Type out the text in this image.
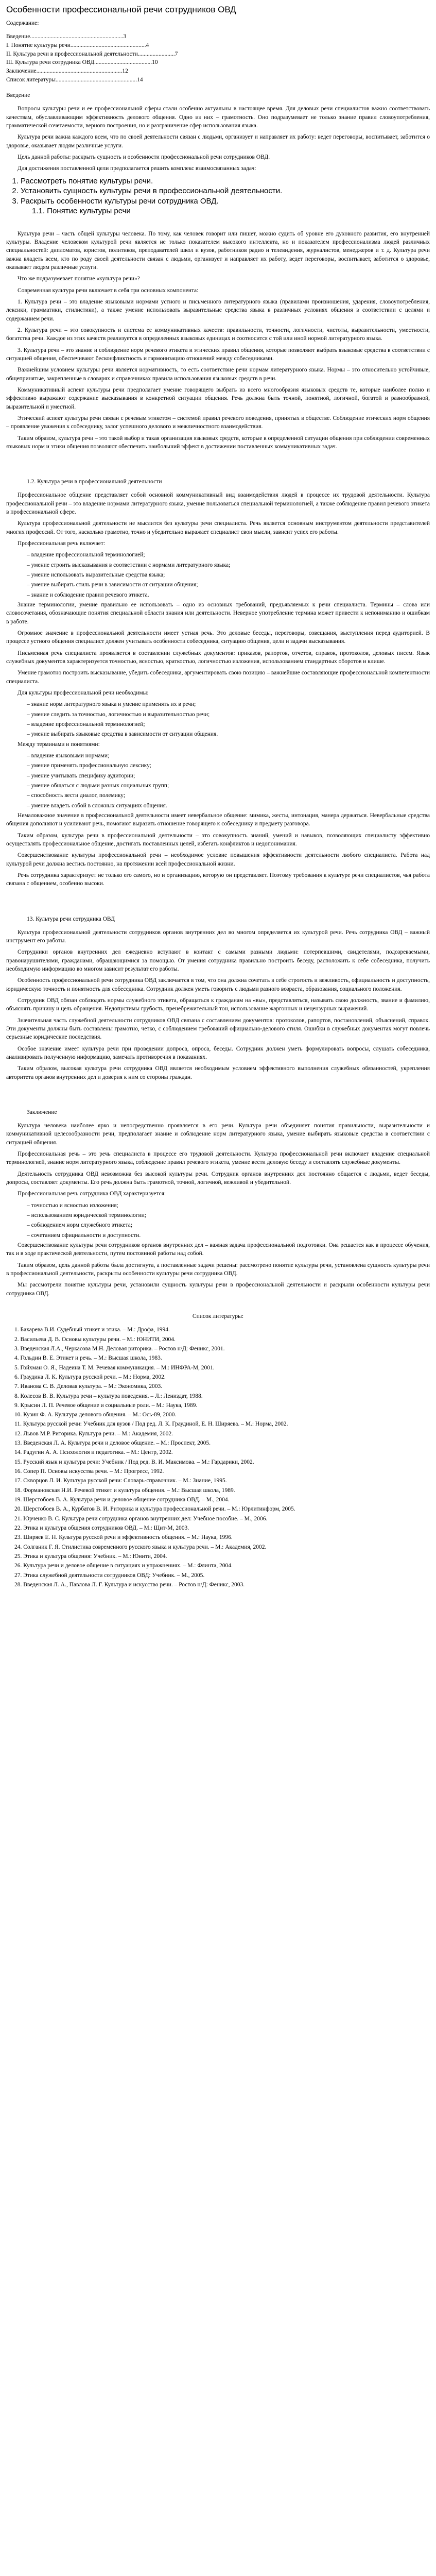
Особенности профессиональной речи сотрудников ОВД

Содержание:

Введение...............................................................3

I. Понятие культуры речи...................................................4

II. Культура речи в профессиональной деятельности.........................7

III. Культура речи сотрудника ОВД.......................................10

Заключение..........................................................12

Список литературы.......................................................14

Введение

Вопросы культуры речи и ее профессиональной сферы стали особенно актуальны в настоящее время. Для деловых речи специалистов важно соответствовать качествам, обуславливающим эффективность делового общения. Одно из них – грамотность. Оно подразумевает не только знание правил словоупотребления, грамматической сочетаемости, верного построения, но и разграничение сфер использования языка.

Культура речи важна каждого всем, что по своей деятельности связан с людьми, организует и направляет их работу: ведет переговоры, воспитывает, заботится о здоровье, оказывает людям различные услуги.

Цель данной работы: раскрыть сущность и особенности профессиональной речи сотрудников ОВД.

Для достижения поставленной цели предполагается решить комплекс взаимосвязанных задач:

1. Рассмотреть понятие культуры речи.
2. Установить сущность культуры речи в профессиональной деятельности.
3. Раскрыть особенности культуры речи сотрудника ОВД.
1.1. Понятие культуры речи

Культура речи – часть общей культуры человека. По тому, как человек говорит или пишет, можно судить об уровне его духовного развития, его внутренней культуры. Владение человеком культурой речи является не только показателем высокого интеллекта, но и показателем профессионализма людей различных специальностей: дипломатов, юристов, политиков, преподавателей школ и вузов, работников радио и телевидения, журналистов, менеджеров и т. д. Культура речи важна владеть всем, кто по роду своей деятельности связан с людьми, организует и направляет их работу, ведет переговоры, воспитывает, заботится о здоровье, оказывает людям различные услуги.

Что же подразумевает понятие «культура речи»?

Современная культура речи включает в себя три основных компонента:

1. Культура речи – это владение языковыми нормами устного и письменного литературного языка (правилами произношения, ударения, словоупотребления, лексики, грамматики, стилистики), а также умение использовать выразительные средства языка в различных условиях общения в соответствии с целями и содержанием речи.

2. Культура речи – это совокупность и система ее коммуникативных качеств: правильности, точности, логичности, чистоты, выразительности, уместности, богатства речи. Каждое из этих качеств реализуется в определенных языковых единицах и соотносится с той или иной нормой литературного языка.

3. Культура речи – это знание и соблюдение норм речевого этикета и этических правил общения, которые позволяют выбрать языковые средства в соответствии с ситуацией общения, обеспечивают бесконфликтность и гармонизацию отношений между собеседниками.

Важнейшим условием культуры речи является нормативность, то есть соответствие речи нормам литературного языка. Нормы – это относительно устойчивые, общепринятые, закрепленные в словарях и справочниках правила использования языковых средств в речи.

Коммуникативный аспект культуры речи предполагает умение говорящего выбрать из всего многообразия языковых средств те, которые наиболее полно и эффективно выражают содержание высказывания в конкретной ситуации общения. Речь должна быть точной, понятной, логичной, богатой и разнообразной, выразительной и уместной.

Этический аспект культуры речи связан с речевым этикетом – системой правил речевого поведения, принятых в обществе. Соблюдение этических норм общения – проявление уважения к собеседнику, залог успешного делового и межличностного взаимодействия.

Таким образом, культура речи – это такой выбор и такая организация языковых средств, которые в определенной ситуации общения при соблюдении современных языковых норм и этики общения позволяют обеспечить наибольший эффект в достижении поставленных коммуникативных задач.

1.2. Культура речи в профессиональной деятельности

Профессиональное общение представляет собой основной коммуникативный вид взаимодействия людей в процессе их трудовой деятельности. Культура профессиональной речи – это владение нормами литературного языка, умение пользоваться специальной терминологией, а также соблюдение правил речевого этикета в профессиональной сфере.

Культура профессиональной деятельности не мыслится без культуры речи специалиста. Речь является основным инструментом деятельности представителей многих профессий. От того, насколько грамотно, точно и убедительно выражает специалист свои мысли, зависит успех его работы.

Профессиональная речь включает:

– владение профессиональной терминологией;

– умение строить высказывания в соответствии с нормами литературного языка;

– умение использовать выразительные средства языка;

– умение выбирать стиль речи в зависимости от ситуации общения;

– знание и соблюдение правил речевого этикета.

Знание терминологии, умение правильно ее использовать – одно из основных требований, предъявляемых к речи специалиста. Термины – слова или словосочетания, обозначающие понятия специальной области знания или деятельности. Неверное употребление термина может привести к непониманию и ошибкам в работе.

Огромное значение в профессиональной деятельности имеет устная речь. Это деловые беседы, переговоры, совещания, выступления перед аудиторией. В процессе устного общения специалист должен учитывать особенности собеседника, ситуацию общения, цели и задачи высказывания.

Письменная речь специалиста проявляется в составлении служебных документов: приказов, рапортов, отчетов, справок, протоколов, деловых писем. Язык служебных документов характеризуется точностью, ясностью, краткостью, логичностью изложения, использованием стандартных оборотов и клише.

Умение грамотно построить высказывание, убедить собеседника, аргументировать свою позицию – важнейшие составляющие профессиональной компетентности специалиста.

Для культуры профессиональной речи необходимы:

– знание норм литературного языка и умение применять их в речи;

– умение следить за точностью, логичностью и выразительностью речи;

– владение профессиональной терминологией;

– умение выбирать языковые средства в зависимости от ситуации общения.

Между терминами и понятиями:

– владение языковыми нормами;

– умение применять профессиональную лексику;

– умение учитывать специфику аудитории;

– умение общаться с людьми разных социальных групп;

– способность вести диалог, полемику;

– умение владеть собой в сложных ситуациях общения.

Немаловажное значение в профессиональной деятельности имеет невербальное общение: мимика, жесты, интонация, манера держаться. Невербальные средства общения дополняют и усиливают речь, помогают выразить отношение говорящего к собеседнику и предмету разговора.

Таким образом, культура речи в профессиональной деятельности – это совокупность знаний, умений и навыков, позволяющих специалисту эффективно осуществлять профессиональное общение, достигать поставленных целей, избегать конфликтов и недопонимания.

Совершенствование культуры профессиональной речи – необходимое условие повышения эффективности деятельности любого специалиста. Работа над культурой речи должна вестись постоянно, на протяжении всей профессиональной жизни.

Речь сотрудника характеризует не только его самого, но и организацию, которую он представляет. Поэтому требования к культуре речи специалистов, чья работа связана с общением, особенно высоки.

13. Культура речи сотрудника ОВД

Культура профессиональной деятельности сотрудников органов внутренних дел во многом определяется их культурой речи. Речь сотрудника ОВД – важный инструмент его работы.

Сотрудники органов внутренних дел ежедневно вступают в контакт с самыми разными людьми: потерпевшими, свидетелями, подозреваемыми, правонарушителями, гражданами, обращающимися за помощью. От умения сотрудника правильно построить беседу, расположить к себе собеседника, получить необходимую информацию во многом зависит результат его работы.

Особенность профессиональной речи сотрудника ОВД заключается в том, что она должна сочетать в себе строгость и вежливость, официальность и доступность, юридическую точность и понятность для собеседника. Сотрудник должен уметь говорить с людьми разного возраста, образования, социального положения.

Сотрудник ОВД обязан соблюдать нормы служебного этикета, обращаться к гражданам на «вы», представляться, называть свою должность, звание и фамилию, объяснять причину и цель обращения. Недопустимы грубость, пренебрежительный тон, использование жаргонных и нецензурных выражений.

Значительная часть служебной деятельности сотрудников ОВД связана с составлением документов: протоколов, рапортов, постановлений, объяснений, справок. Эти документы должны быть составлены грамотно, четко, с соблюдением требований официально-делового стиля. Ошибки в служебных документах могут повлечь серьезные юридические последствия.

Особое значение имеет культура речи при проведении допроса, опроса, беседы. Сотрудник должен уметь формулировать вопросы, слушать собеседника, анализировать полученную информацию, замечать противоречия в показаниях.

Таким образом, высокая культура речи сотрудника ОВД является необходимым условием эффективного выполнения служебных обязанностей, укрепления авторитета органов внутренних дел и доверия к ним со стороны граждан.

Заключение

Культура человека наиболее ярко и непосредственно проявляется в его речи. Культура речи объединяет понятия правильности, выразительности и коммуникативной целесообразности речи, предполагает знание и соблюдение норм литературного языка, умение выбирать языковые средства в соответствии с ситуацией общения.

Профессиональная речь – это речь специалиста в процессе его трудовой деятельности. Культура профессиональной речи включает владение специальной терминологией, знание норм литературного языка, соблюдение правил речевого этикета, умение вести деловую беседу и составлять служебные документы.

Деятельность сотрудника ОВД невозможна без высокой культуры речи. Сотрудник органов внутренних дел постоянно общается с людьми, ведет беседы, допросы, составляет документы. Его речь должна быть грамотной, точной, логичной, вежливой и убедительной.

Профессиональная речь сотрудника ОВД характеризуется:

– точностью и ясностью изложения;

– использованием юридической терминологии;

– соблюдением норм служебного этикета;

– сочетанием официальности и доступности.

Совершенствование культуры речи сотрудников органов внутренних дел – важная задача профессиональной подготовки. Она решается как в процессе обучения, так и в ходе практической деятельности, путем постоянной работы над собой.

Таким образом, цель данной работы была достигнута, а поставленные задачи решены: рассмотрено понятие культуры речи, установлена сущность культуры речи в профессиональной деятельности, раскрыты особенности культуры речи сотрудника ОВД.

Мы рассмотрели понятие культуры речи, установили сущность культуры речи в профессиональной деятельности и раскрыли особенности культуры речи сотрудника ОВД.

Список литературы:

1. Бахарева В.И. Судебный этикет и этика. – М.: Дрофа, 1994.
2. Васильева Д. В. Основы культуры речи. – М.: ЮНИТИ, 2004.
3. Введенская Л.А., Черкасова М.Н. Деловая риторика. – Ростов н/Д: Феникс, 2001.
4. Гольдин В. Е. Этикет и речь. – М.: Высшая школа, 1983.
5. Гойхман О. Я., Надеина Т. М. Речевая коммуникация. – М.: ИНФРА-М, 2001.
6. Граудина Л. К. Культура русской речи. – М.: Норма, 2002.
7. Иванова С. В. Деловая культура. – М.: Экономика, 2003.
8. Колесов В. В. Культура речи – культура поведения. – Л.: Лениздат, 1988.
9. Крысин Л. П. Речевое общение и социальные роли. – М.: Наука, 1989.
10. Кузин Ф. А. Культура делового общения. – М.: Ось-89, 2000.
11. Культура русской речи: Учебник для вузов / Под ред. Л. К. Граудиной, Е. Н. Ширяева. – М.: Норма, 2002.
12. Львов М.Р. Риторика. Культура речи. – М.: Академия, 2002.
13. Введенская Л. А. Культура речи и деловое общение. – М.: Проспект, 2005.
14. Радугин А. А. Психология и педагогика. – М.: Центр, 2002.
15. Русский язык и культура речи: Учебник / Под ред. В. И. Максимова. – М.: Гардарики, 2002.
16. Сопер П. Основы искусства речи. – М.: Прогресс, 1992.
17. Скворцов Л. И. Культура русской речи: Словарь-справочник. – М.: Знание, 1995.
18. Формановская Н.И. Речевой этикет и культура общения. – М.: Высшая школа, 1989.
19. Шерстобоев В. А. Культура речи и деловое общение сотрудника ОВД. – М., 2004.
20. Шерстобоев В. А., Курбатов В. И. Риторика и культура профессиональной речи. – М.: Юрлитинформ, 2005.
21. Юрченко В. С. Культура речи сотрудника органов внутренних дел: Учебное пособие. – М., 2006.
22. Этика и культура общения сотрудников ОВД. – М.: Щит-М, 2003.
23. Ширяев Е. Н. Культура русской речи и эффективность общения. – М.: Наука, 1996.
24. Солганик Г. Я. Стилистика современного русского языка и культура речи. – М.: Академия, 2002.
25. Этика и культура общения: Учебник. – М.: Юнити, 2004.
26. Культура речи и деловое общение в ситуациях и упражнениях. – М.: Флинта, 2004.
27. Этика служебной деятельности сотрудников ОВД: Учебник. – М., 2005.
28. Введенская Л. А., Павлова Л. Г. Культура и искусство речи. – Ростов н/Д: Феникс, 2003.
